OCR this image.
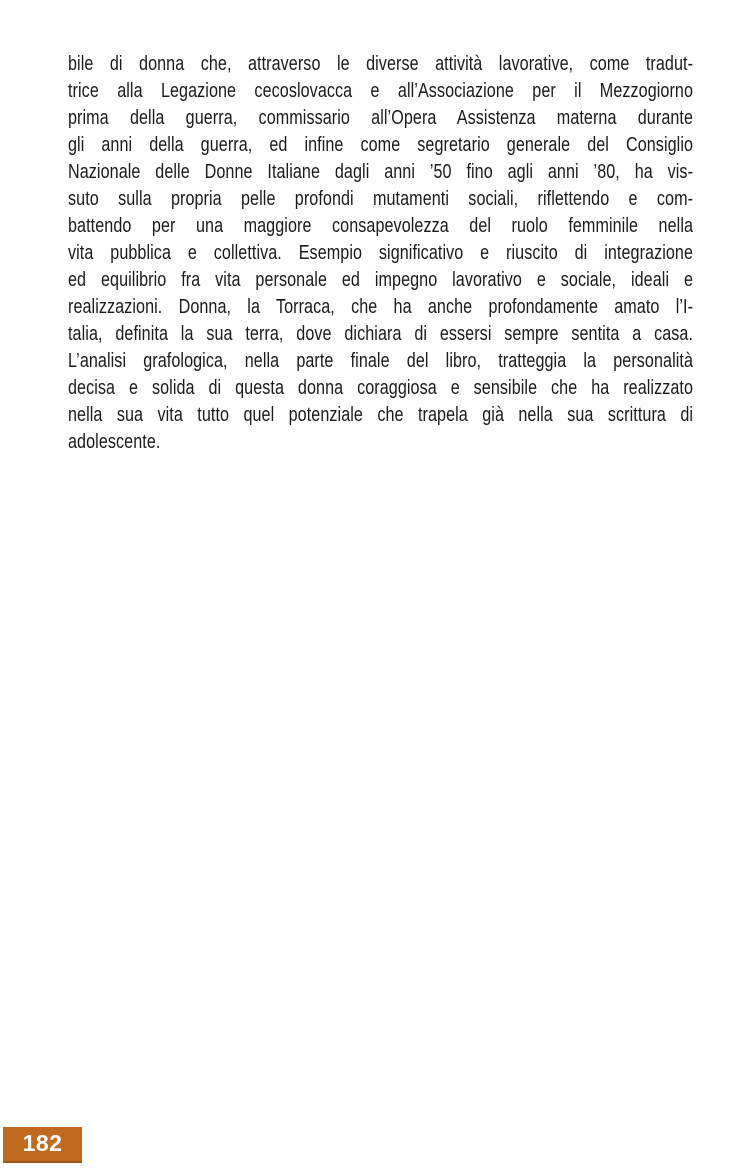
bile di donna che, attraverso le diverse attività lavorative, come tradut-
trice alla Legazione cecoslovacca e all’Associazione per il Mezzogiorno
prima della guerra, commissario all’Opera Assistenza materna durante
gli anni della guerra, ed infine come segretario generale del Consiglio
Nazionale delle Donne Italiane dagli anni ’50 fino agli anni ’80, ha vis-
suto sulla propria pelle profondi mutamenti sociali, riflettendo e com-
battendo per una maggiore consapevolezza del ruolo femminile nella
vita pubblica e collettiva. Esempio significativo e riuscito di integrazione
ed equilibrio fra vita personale ed impegno lavorativo e sociale, ideali e
realizzazioni. Donna, la Torraca, che ha anche profondamente amato l’I-
talia, definita la sua terra, dove dichiara di essersi sempre sentita a casa.
L’analisi grafologica, nella parte finale del libro, tratteggia la personalità
decisa e solida di questa donna coraggiosa e sensibile che ha realizzato
nella sua vita tutto quel potenziale che trapela già nella sua scrittura di
adolescente.
182
